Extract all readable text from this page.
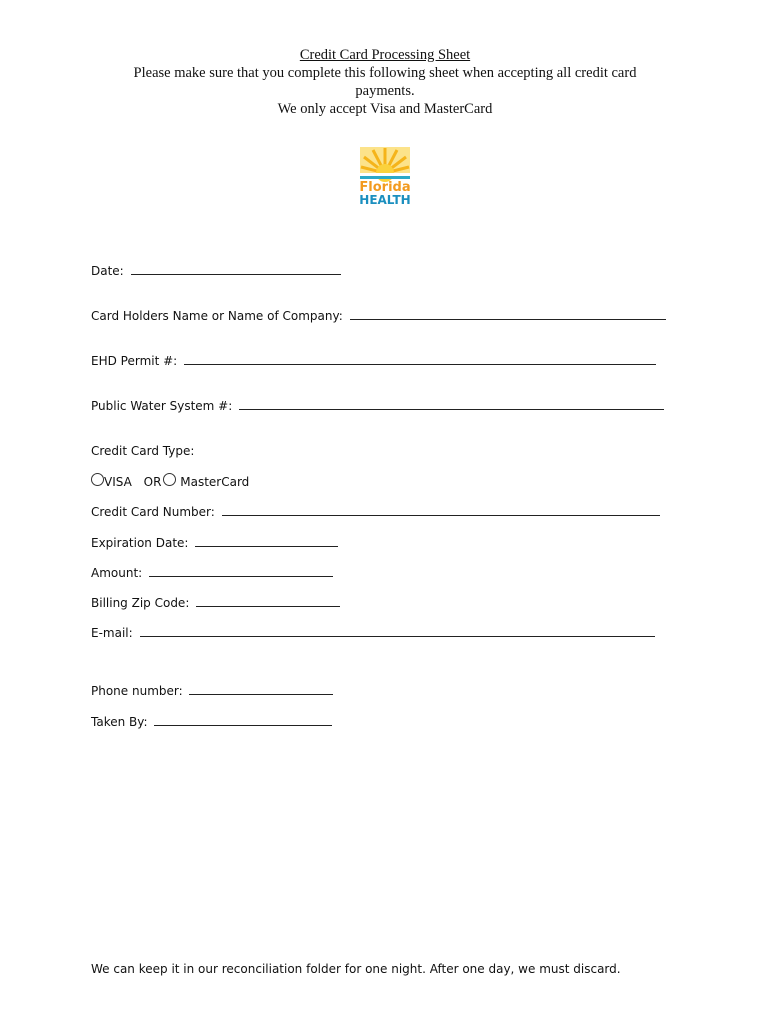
Credit Card Processing Sheet
Please make sure that you complete this following sheet when accepting all credit card payments.
We only accept Visa and MasterCard
Florida
HEALTH
Date:
Card Holders Name or Name of Company:
EHD Permit #:
Public Water System #:
Credit Card Type:
VISA OR MasterCard
Credit Card Number:
Expiration Date:
Amount:
Billing Zip Code:
E-mail:
Phone number:
Taken By:
We can keep it in our reconciliation folder for one night. After one day, we must discard.
